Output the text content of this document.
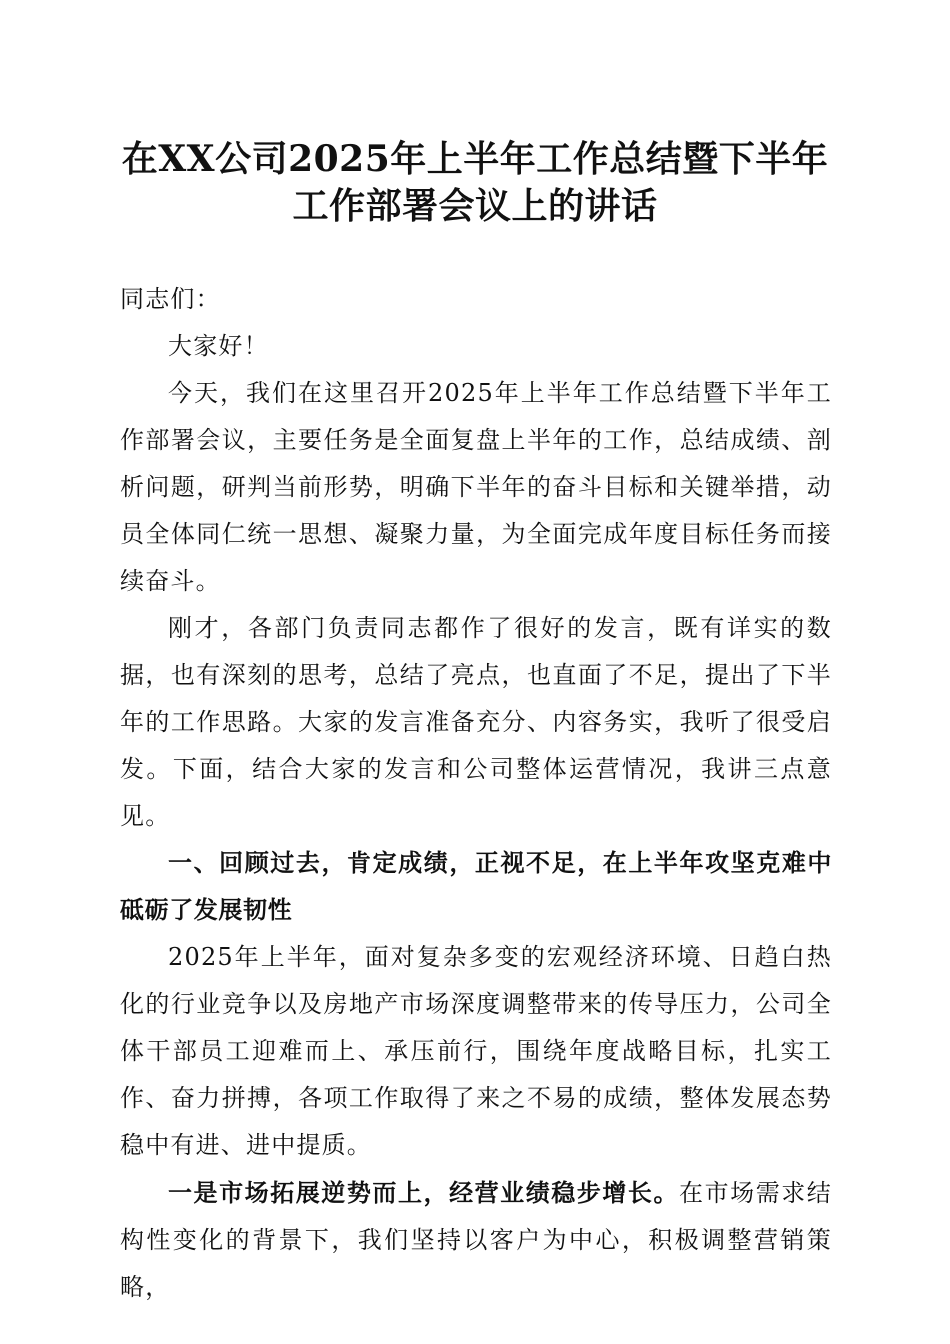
在XX公司2025年上半年工作总结暨下半年
工作部署会议上的讲话

同志们：

大家好！

今天，我们在这里召开2025年上半年工作总结暨下半年工作部署会议，主要任务是全面复盘上半年的工作，总结成绩、剖析问题，研判当前形势，明确下半年的奋斗目标和关键举措，动员全体同仁统一思想、凝聚力量，为全面完成年度目标任务而接续奋斗。

刚才，各部门负责同志都作了很好的发言，既有详实的数据，也有深刻的思考，总结了亮点，也直面了不足，提出了下半年的工作思路。大家的发言准备充分、内容务实，我听了很受启发。下面，结合大家的发言和公司整体运营情况，我讲三点意见。

一、回顾过去，肯定成绩，正视不足，在上半年攻坚克难中砥砺了发展韧性

2025年上半年，面对复杂多变的宏观经济环境、日趋白热化的行业竞争以及房地产市场深度调整带来的传导压力，公司全体干部员工迎难而上、承压前行，围绕年度战略目标，扎实工作、奋力拼搏，各项工作取得了来之不易的成绩，整体发展态势稳中有进、进中提质。

一是市场拓展逆势而上，经营业绩稳步增长。在市场需求结构性变化的背景下，我们坚持以客户为中心，积极调整营销策略，
